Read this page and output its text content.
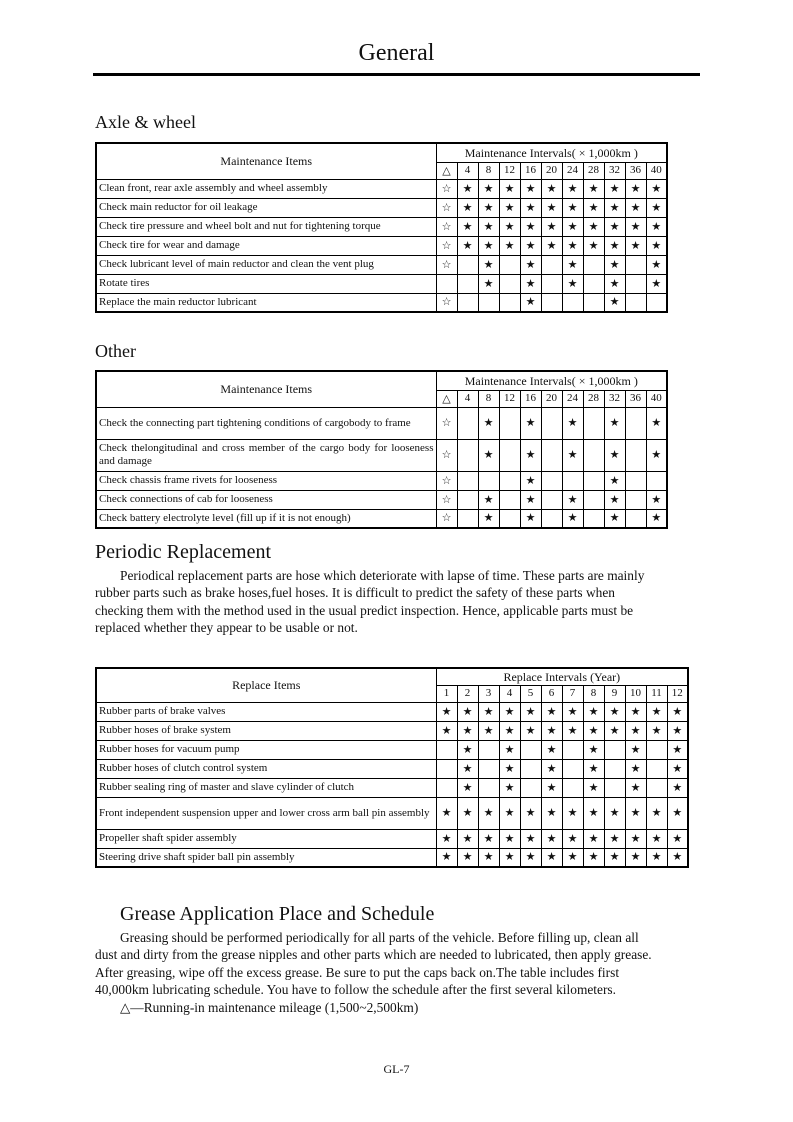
General
Axle & wheel
Maintenance Items	Maintenance Intervals( × 1,000km )										
	△	4	8	12	16	20	24	28	32	36	40
Clean front, rear axle assembly and wheel assembly	☆	★	★	★	★	★	★	★	★	★	★
Check main reductor for oil leakage	☆	★	★	★	★	★	★	★	★	★	★
Check tire pressure and wheel bolt and nut for tightening torque	☆	★	★	★	★	★	★	★	★	★	★
Check tire for wear and damage	☆	★	★	★	★	★	★	★	★	★	★
Check lubricant level of main reductor and clean the vent plug	☆		★		★		★		★		★
Rotate tires			★		★		★		★		★
Replace the main reductor lubricant	☆				★				★		
Other
Maintenance Items	Maintenance Intervals( × 1,000km )										
	△	4	8	12	16	20	24	28	32	36	40
Check the connecting part tightening conditions of cargobody to frame	☆		★		★		★		★		★
Check thelongitudinal and cross member of the cargo body for looseness and damage	☆		★		★		★		★		★
Check chassis frame rivets for looseness	☆				★				★		
Check connections of cab for looseness	☆		★		★		★		★		★
Check battery electrolyte level (fill up if it is not enough)	☆		★		★		★		★		★
Periodic Replacement
Periodical replacement parts are hose which deteriorate with lapse of time. These parts are mainly
rubber parts such as brake hoses,fuel hoses. It is difficult to predict the safety of these parts when
checking them with the method used in the usual predict inspection. Hence, applicable parts must be
replaced whether they appear to be usable or not.
Replace Items	Replace Intervals (Year)											
	1	2	3	4	5	6	7	8	9	10	11	12
Rubber parts of brake valves	★	★	★	★	★	★	★	★	★	★	★	★
Rubber hoses of brake system	★	★	★	★	★	★	★	★	★	★	★	★
Rubber hoses for vacuum pump		★		★		★		★		★		★
Rubber hoses of clutch control system		★		★		★		★		★		★
Rubber sealing ring of master and slave cylinder of clutch		★		★		★		★		★		★
Front independent suspension upper and lower cross arm ball pin assembly	★	★	★	★	★	★	★	★	★	★	★	★
Propeller shaft spider assembly	★	★	★	★	★	★	★	★	★	★	★	★
Steering drive shaft spider ball pin assembly	★	★	★	★	★	★	★	★	★	★	★	★
Grease Application Place and Schedule
Greasing should be performed periodically for all parts of the vehicle. Before filling up, clean all
dust and dirty from the grease nipples and other parts which are needed to lubricated, then apply grease.
After greasing, wipe off the excess grease. Be sure to put the caps back on.The table includes first
40,000km lubricating schedule. You have to follow the schedule after the first several kilometers.
△—Running-in maintenance mileage (1,500~2,500km)
GL-7
